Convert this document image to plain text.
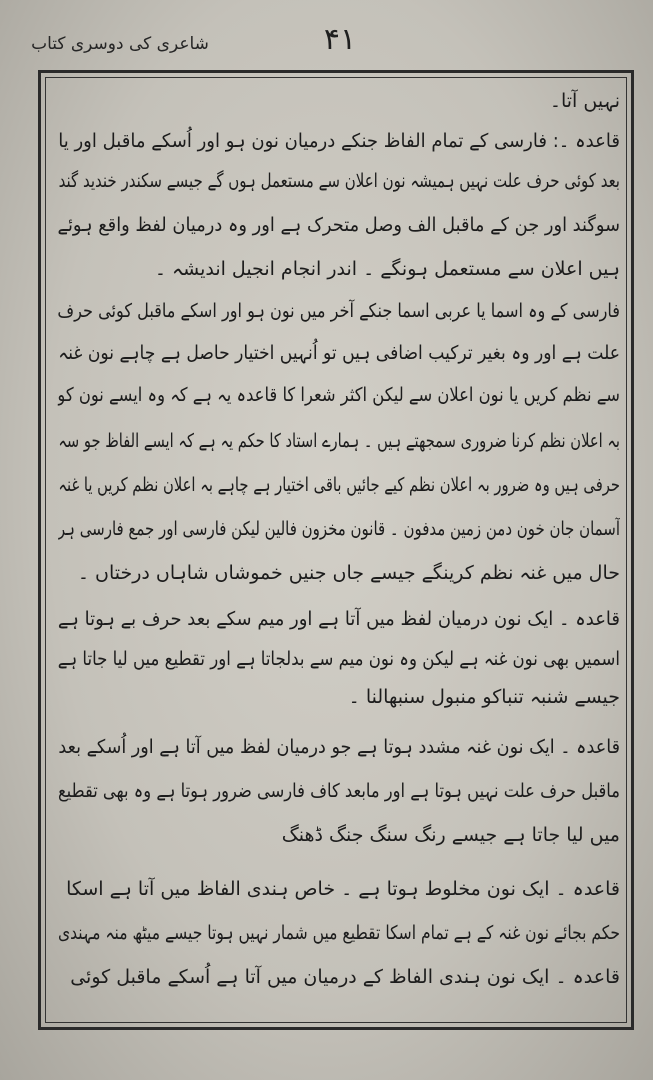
۴۱
شاعری کی دوسری کتاب
نہیں آتا۔
قاعدہ ۔: فارسی کے تمام الفاظ جنکے درمیان نون ہو اور اُسکے ماقبل اور یا
بعد کوئی حرف علت نہیں ہمیشہ نون اعلان سے مستعمل ہوں گے جیسے سکندر خندید گند
سوگند اور جن کے ماقبل الف وصل متحرک ہے اور وہ درمیان لفظ واقع ہوئے
ہیں اعلان سے مستعمل ہونگے ۔ اندر انجام انجیل اندیشہ ۔
فارسی کے وہ اسما یا عربی اسما جنکے آخر میں نون ہو اور اسکے ماقبل کوئی حرف
علت ہے اور وہ بغیر ترکیب اضافی ہیں تو اُنہیں اختیار حاصل ہے چاہے نون غنہ
سے نظم کریں یا نون اعلان سے لیکن اکثر شعرا کا قاعدہ یہ ہے کہ وہ ایسے نون کو
بہ اعلان نظم کرنا ضروری سمجھتے ہیں ۔ ہمارے استاد کا حکم یہ ہے کہ ایسے الفاظ جو سہ
حرفی ہیں وہ ضرور بہ اعلان نظم کیے جائیں باقی اختیار ہے چاہے بہ اعلان نظم کریں یا غنہ
آسمان جان خون دمن زمین مدفون ۔ قانون مخزون فالین لیکن فارسی اور جمع فارسی ہر
حال میں غنہ نظم کرینگے جیسے جاں جنیں خموشاں شاہاں درختاں ۔
قاعدہ ۔ ایک نون درمیان لفظ میں آتا ہے اور میم سکے بعد حرف بے ہوتا ہے
اسمیں بھی نون غنہ ہے لیکن وہ نون میم سے بدلجاتا ہے اور تقطیع میں لیا جاتا ہے
جیسے شنبہ تنباکو منبول سنبھالنا ۔
قاعدہ ۔ ایک نون غنہ مشدد ہوتا ہے جو درمیان لفظ میں آتا ہے اور اُسکے بعد
ماقبل حرف علت نہیں ہوتا ہے اور مابعد کاف فارسی ضرور ہوتا ہے وہ بھی تقطیع
میں لیا جاتا ہے جیسے رنگ سنگ جنگ ڈھنگ
قاعدہ ۔ ایک نون مخلوط ہوتا ہے ۔ خاص ہندی الفاظ میں آتا ہے اسکا
حکم بجائے نون غنہ کے ہے تمام اسکا تقطیع میں شمار نہیں ہوتا جیسے میٹھ منہ مہندی
قاعدہ ۔ ایک نون ہندی الفاظ کے درمیان میں آتا ہے اُسکے ماقبل کوئی
